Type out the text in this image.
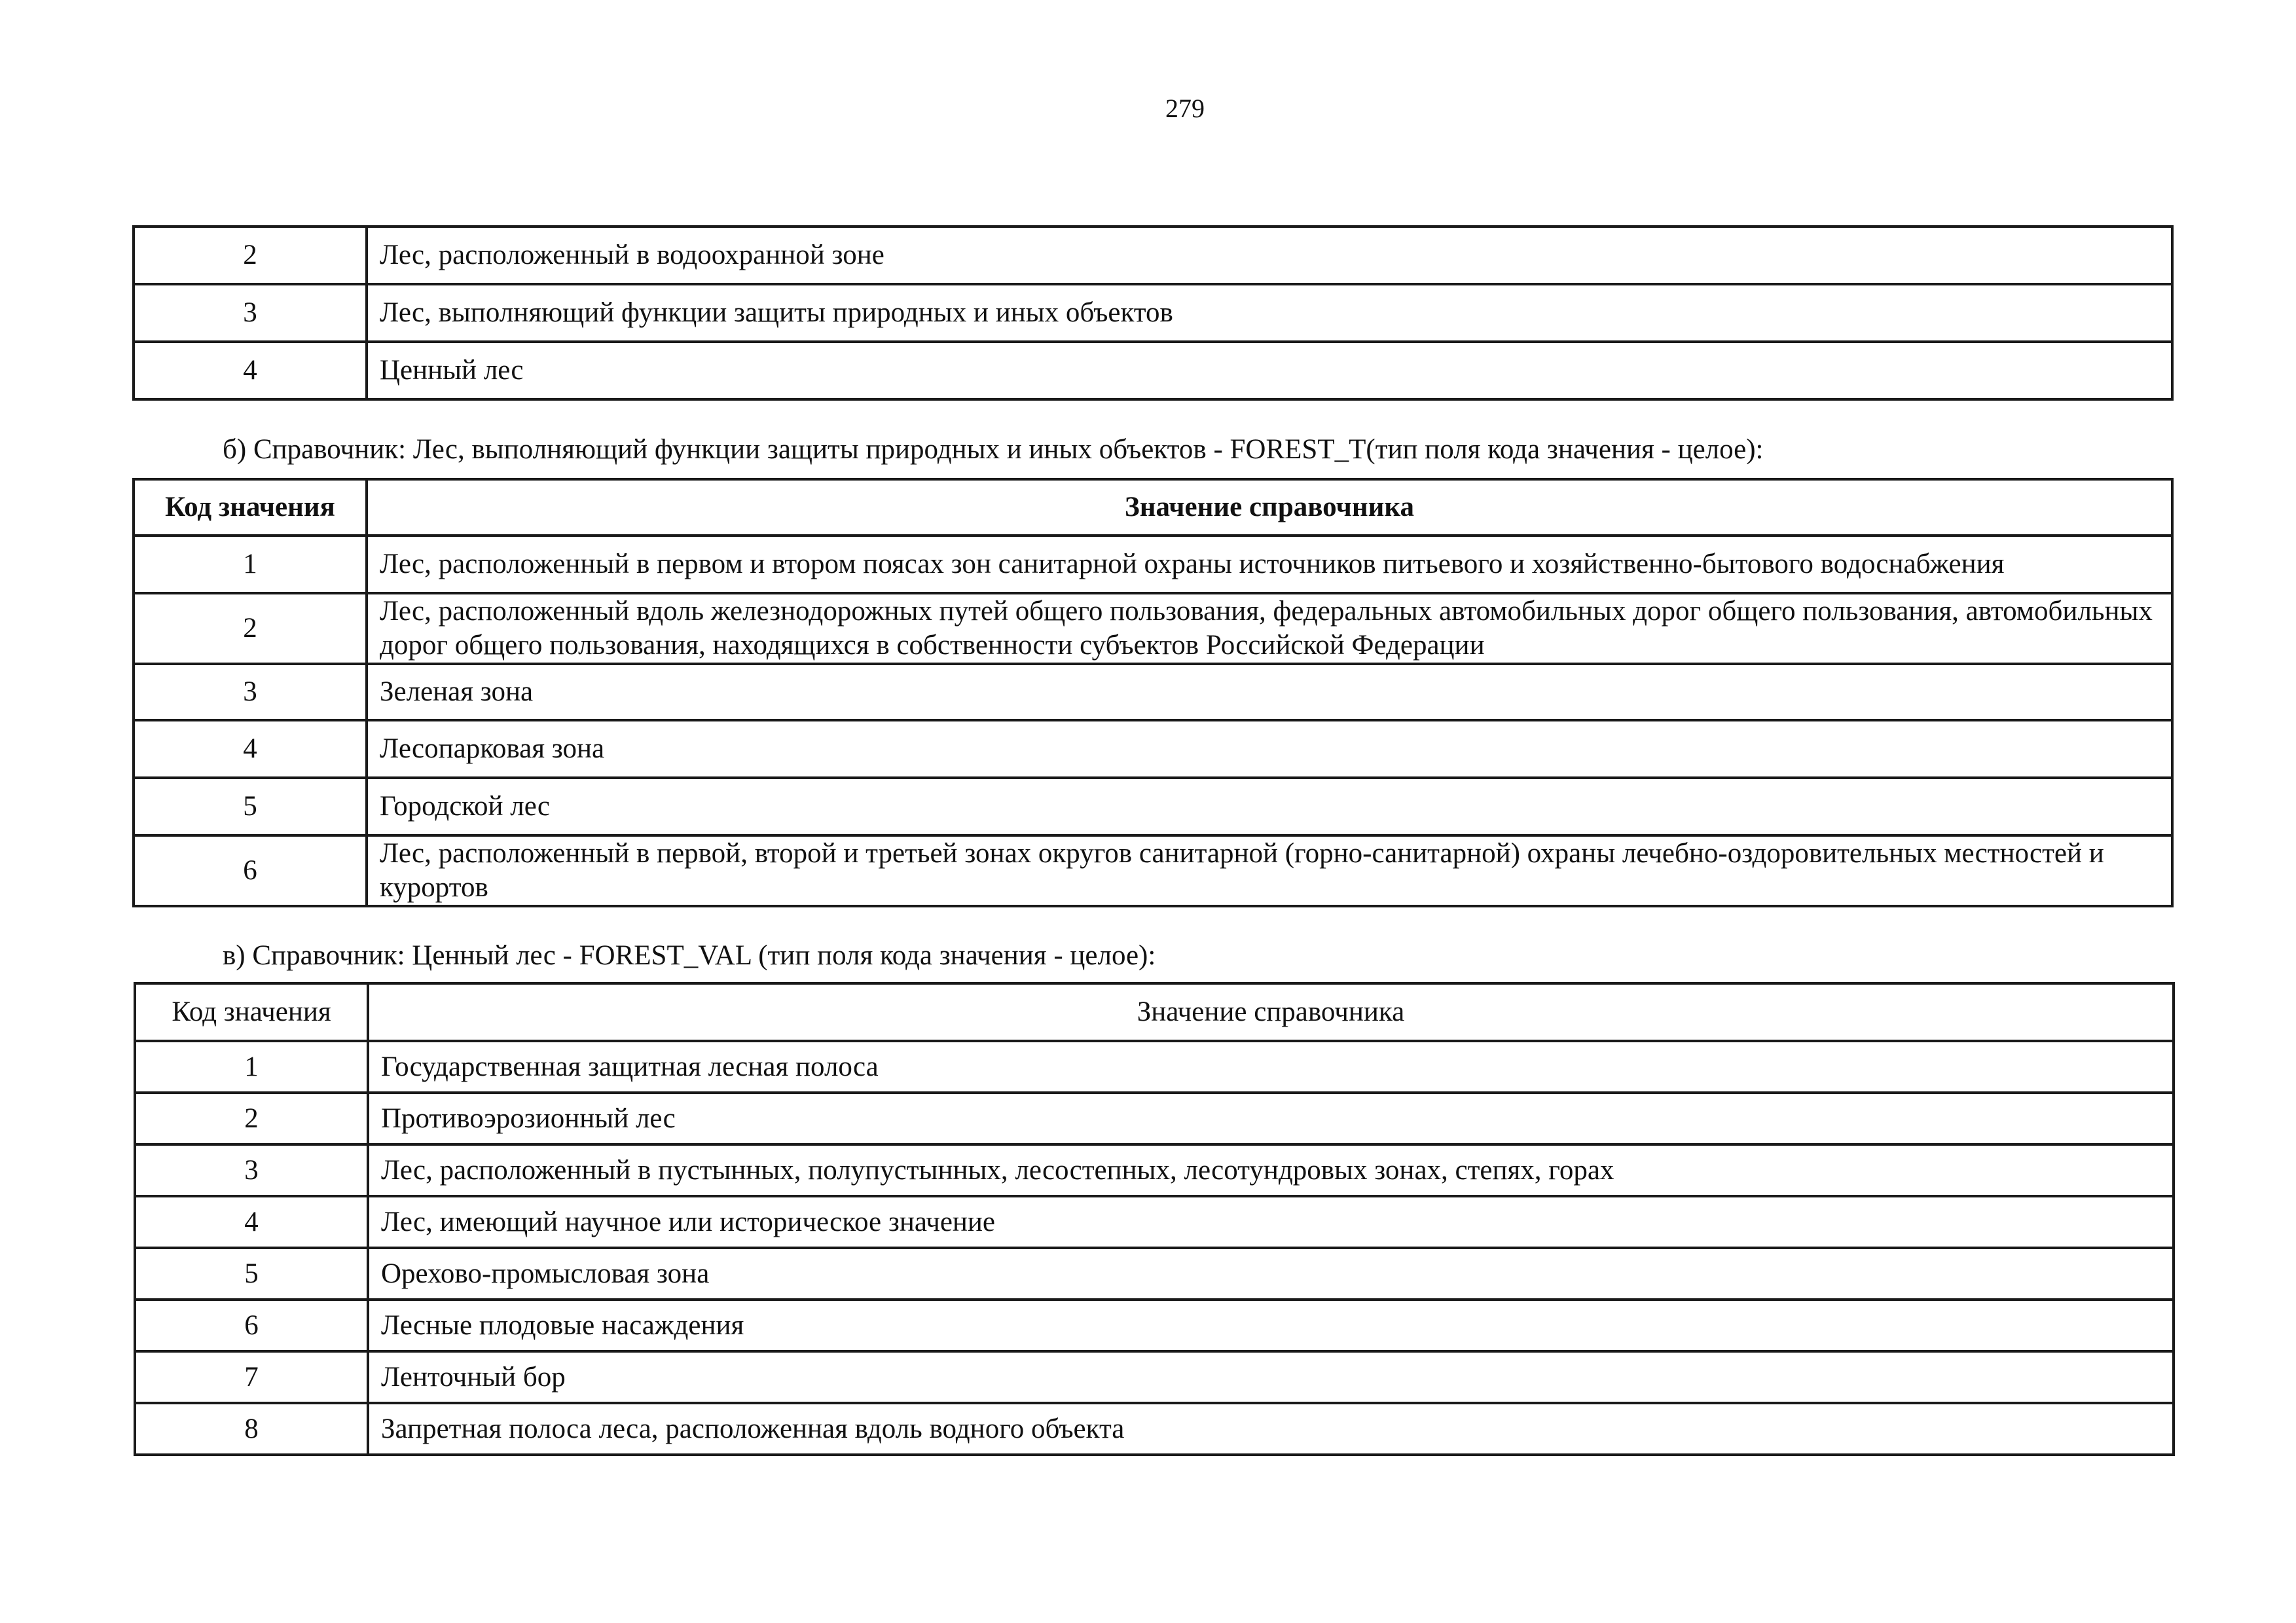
279
2	Лес, расположенный в водоохранной зоне
3	Лес, выполняющий функции защиты природных и иных объектов
4	Ценный лес
б) Справочник: Лес, выполняющий функции защиты природных и иных объектов - FOREST_T(тип поля кода значения - целое):
Код значения	Значение справочника
1	Лес, расположенный в первом и втором поясах зон санитарной охраны источников питьевого и хозяйственно-бытового водоснабжения
2	Лес, расположенный вдоль железнодорожных путей общего пользования, федеральных автомобильных дорог общего пользования, автомобильных дорог общего пользования, находящихся в собственности субъектов Российской Федерации
3	Зеленая зона
4	Лесопарковая зона
5	Городской лес
6	Лес, расположенный в первой, второй и третьей зонах округов санитарной (горно-санитарной) охраны лечебно-оздоровительных местностей и курортов
в) Справочник: Ценный лес - FOREST_VAL (тип поля кода значения - целое):
Код значения	Значение справочника
1	Государственная защитная лесная полоса
2	Противоэрозионный лес
3	Лес, расположенный в пустынных, полупустынных, лесостепных, лесотундровых зонах, степях, горах
4	Лес, имеющий научное или историческое значение
5	Орехово-промысловая зона
6	Лесные плодовые насаждения
7	Ленточный бор
8	Запретная полоса леса, расположенная вдоль водного объекта
